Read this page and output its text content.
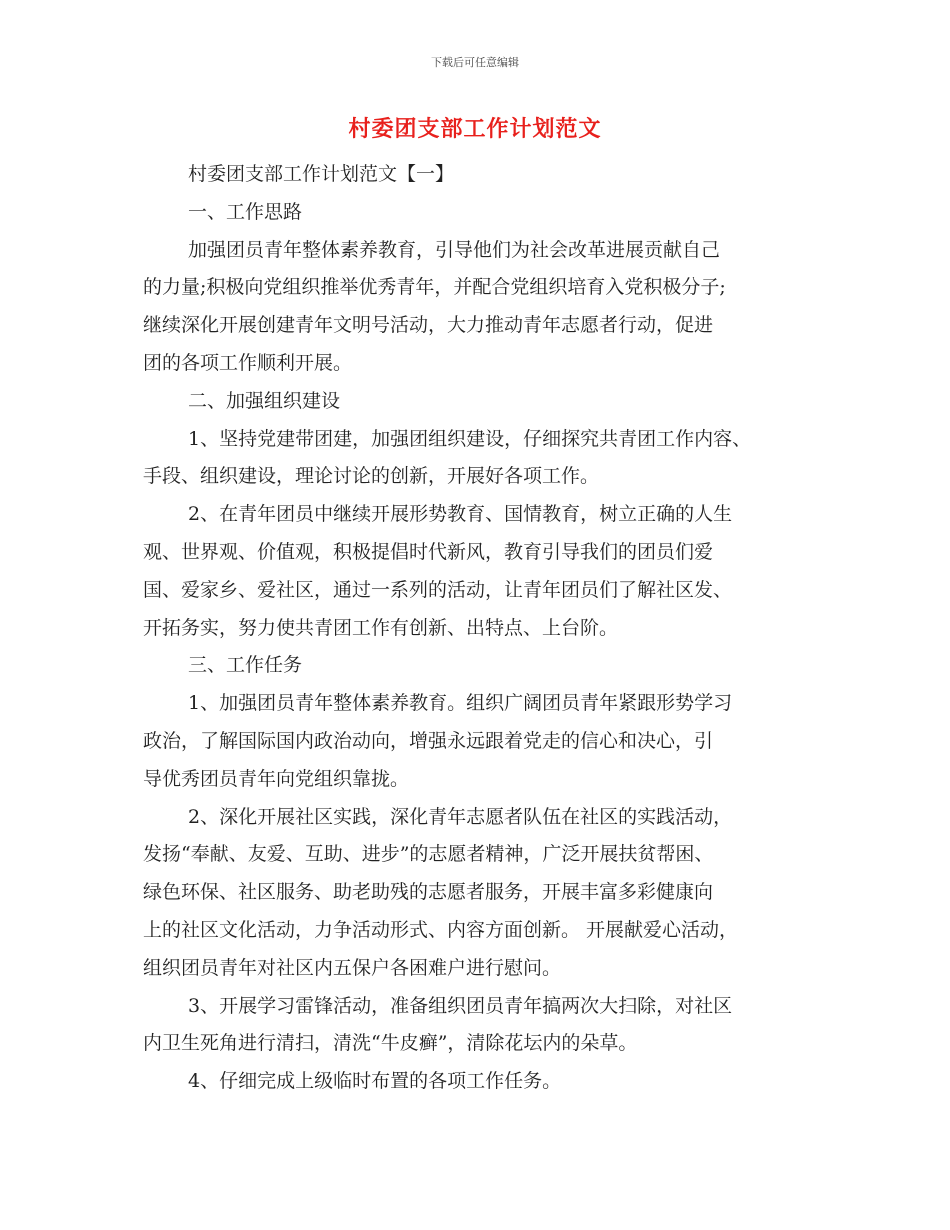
下载后可任意编辑
村委团支部工作计划范文
村委团支部工作计划范文【一】
一、工作思路
加强团员青年整体素养教育，引导他们为社会改革进展贡献自己
的力量;积极向党组织推举优秀青年，并配合党组织培育入党积极分子;
继续深化开展创建青年文明号活动，大力推动青年志愿者行动，促进
团的各项工作顺利开展。
二、加强组织建设
1、坚持党建带团建，加强团组织建设，仔细探究共青团工作内容、
手段、组织建设，理论讨论的创新，开展好各项工作。
2、在青年团员中继续开展形势教育、国情教育，树立正确的人生
观、世界观、价值观，积极提倡时代新风，教育引导我们的团员们爱
国、爱家乡、爱社区，通过一系列的活动，让青年团员们了解社区发、
开拓务实，努力使共青团工作有创新、出特点、上台阶。
三、工作任务
1、加强团员青年整体素养教育。组织广阔团员青年紧跟形势学习
政治，了解国际国内政治动向，增强永远跟着党走的信心和决心，引
导优秀团员青年向党组织靠拢。
2、深化开展社区实践，深化青年志愿者队伍在社区的实践活动，
发扬“奉献、友爱、互助、进步”的志愿者精神，广泛开展扶贫帮困、
绿色环保、社区服务、助老助残的志愿者服务，开展丰富多彩健康向
上的社区文化活动，力争活动形式、内容方面创新。 开展献爱心活动，
组织团员青年对社区内五保户各困难户进行慰问。
3、开展学习雷锋活动，准备组织团员青年搞两次大扫除，对社区
内卫生死角进行清扫，清洗“牛皮癣”，清除花坛内的朵草。
4、仔细完成上级临时布置的各项工作任务。
